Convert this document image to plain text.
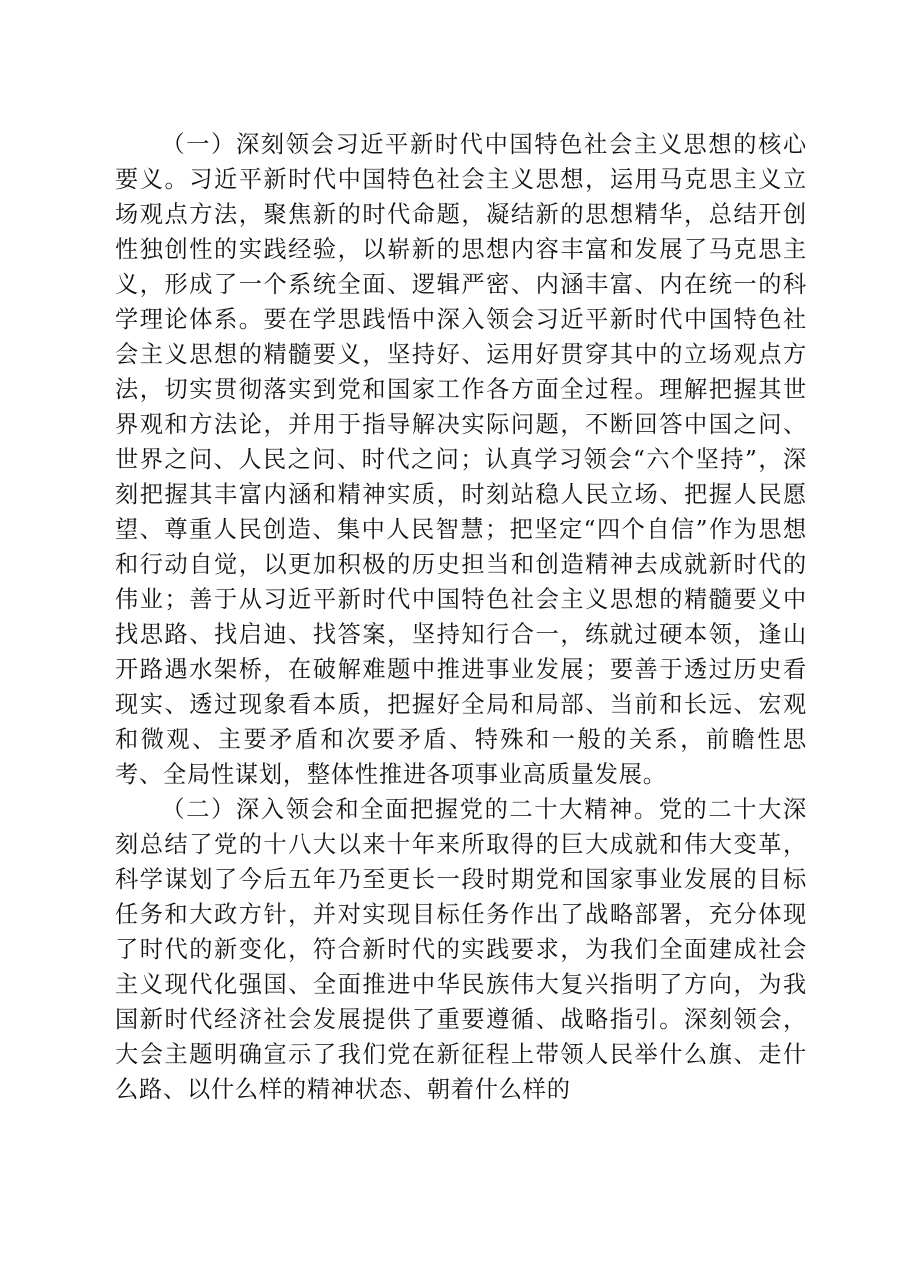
（一）深刻领会习近平新时代中国特色社会主义思想的核心要义。习近平新时代中国特色社会主义思想，运用马克思主义立场观点方法，聚焦新的时代命题，凝结新的思想精华，总结开创性独创性的实践经验，以崭新的思想内容丰富和发展了马克思主义，形成了一个系统全面、逻辑严密、内涵丰富、内在统一的科学理论体系。要在学思践悟中深入领会习近平新时代中国特色社会主义思想的精髓要义，坚持好、运用好贯穿其中的立场观点方法，切实贯彻落实到党和国家工作各方面全过程。理解把握其世界观和方法论，并用于指导解决实际问题，不断回答中国之问、世界之问、人民之问、时代之问；认真学习领会“六个坚持”，深刻把握其丰富内涵和精神实质，时刻站稳人民立场、把握人民愿望、尊重人民创造、集中人民智慧；把坚定“四个自信”作为思想和行动自觉，以更加积极的历史担当和创造精神去成就新时代的伟业；善于从习近平新时代中国特色社会主义思想的精髓要义中找思路、找启迪、找答案，坚持知行合一，练就过硬本领，逢山开路遇水架桥，在破解难题中推进事业发展；要善于透过历史看现实、透过现象看本质，把握好全局和局部、当前和长远、宏观和微观、主要矛盾和次要矛盾、特殊和一般的关系，前瞻性思考、全局性谋划，整体性推进各项事业高质量发展。

（二）深入领会和全面把握党的二十大精神。党的二十大深刻总结了党的十八大以来十年来所取得的巨大成就和伟大变革，科学谋划了今后五年乃至更长一段时期党和国家事业发展的目标任务和大政方针，并对实现目标任务作出了战略部署，充分体现了时代的新变化，符合新时代的实践要求，为我们全面建成社会主义现代化强国、全面推进中华民族伟大复兴指明了方向，为我国新时代经济社会发展提供了重要遵循、战略指引。深刻领会，大会主题明确宣示了我们党在新征程上带领人民举什么旗、走什么路、以什么样的精神状态、朝着什么样的
